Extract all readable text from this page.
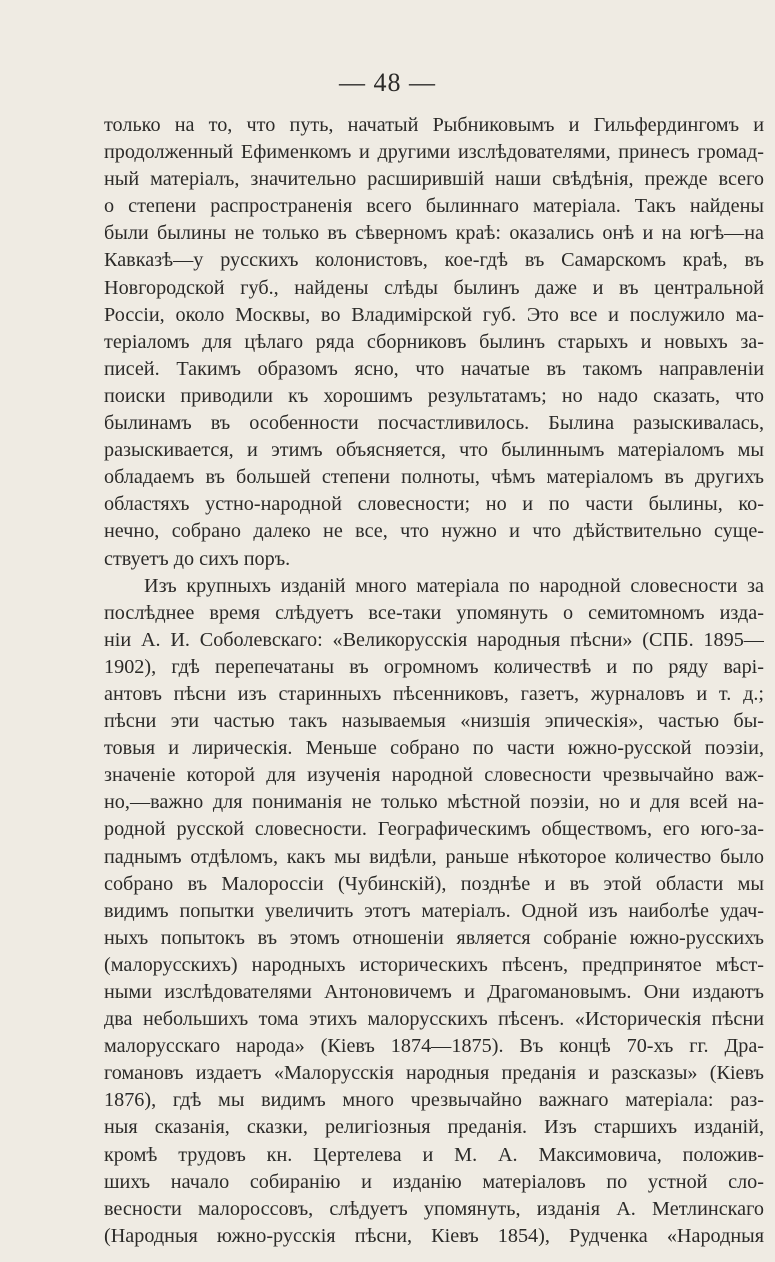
— 48 —
только на то, что путь, начатый Рыбниковымъ и Гильфердингомъ и
продолженный Ефименкомъ и другими изслѣдователями, принесъ громад-
ный матеріалъ, значительно расширившій наши свѣдѣнія, прежде всего
о степени распространенія всего былиннаго матеріала. Такъ найдены
были былины не только въ сѣверномъ краѣ: оказались онѣ и на югѣ—на
Кавказѣ—у русскихъ колонистовъ, кое-гдѣ въ Самарскомъ краѣ, въ
Новгородской губ., найдены слѣды былинъ даже и въ центральной
Россіи, около Москвы, во Владимірской губ. Это все и послужило ма-
теріаломъ для цѣлаго ряда сборниковъ былинъ старыхъ и новыхъ за-
писей. Такимъ образомъ ясно, что начатые въ такомъ направленіи
поиски приводили къ хорошимъ результатамъ; но надо сказать, что
былинамъ въ особенности посчастливилось. Былина разыскивалась,
разыскивается, и этимъ объясняется, что былиннымъ матеріаломъ мы
обладаемъ въ большей степени полноты, чѣмъ матеріаломъ въ другихъ
областяхъ устно-народной словесности; но и по части былины, ко-
нечно, собрано далеко не все, что нужно и что дѣйствительно суще-
ствуетъ до сихъ поръ.
Изъ крупныхъ изданій много матеріала по народной словесности за
послѣднее время слѣдуетъ все-таки упомянуть о семитомномъ изда-
ніи А. И. Соболевскаго: «Великорусскія народныя пѣсни» (СПБ. 1895—
1902), гдѣ перепечатаны въ огромномъ количествѣ и по ряду варі-
антовъ пѣсни изъ старинныхъ пѣсенниковъ, газетъ, журналовъ и т. д.;
пѣсни эти частью такъ называемыя «низшія эпическія», частью бы-
товыя и лирическія. Меньше собрано по части южно-русской поэзіи,
значеніе которой для изученія народной словесности чрезвычайно важ-
но,—важно для пониманія не только мѣстной поэзіи, но и для всей на-
родной русской словесности. Географическимъ обществомъ, его юго-за-
паднымъ отдѣломъ, какъ мы видѣли, раньше нѣкоторое количество было
собрано въ Малороссіи (Чубинскій), позднѣе и въ этой области мы
видимъ попытки увеличить этотъ матеріалъ. Одной изъ наиболѣе удач-
ныхъ попытокъ въ этомъ отношеніи является собраніе южно-русскихъ
(малорусскихъ) народныхъ историческихъ пѣсенъ, предпринятое мѣст-
ными изслѣдователями Антоновичемъ и Драгомановымъ. Они издаютъ
два небольшихъ тома этихъ малорусскихъ пѣсенъ. «Историческія пѣсни
малорусскаго народа» (Кіевъ 1874—1875). Въ концѣ 70-хъ гг. Дра-
гомановъ издаетъ «Малорусскія народныя преданія и разсказы» (Кіевъ
1876), гдѣ мы видимъ много чрезвычайно важнаго матеріала: раз-
ныя сказанія, сказки, религіозныя преданія. Изъ старшихъ изданій,
кромѣ трудовъ кн. Цертелева и М. А. Максимовича, положив-
шихъ начало собиранію и изданію матеріаловъ по устной сло-
весности малороссовъ, слѣдуетъ упомянуть, изданія А. Метлинскаго
(Народныя южно-русскія пѣсни, Кіевъ 1854), Рудченка «Народныя
